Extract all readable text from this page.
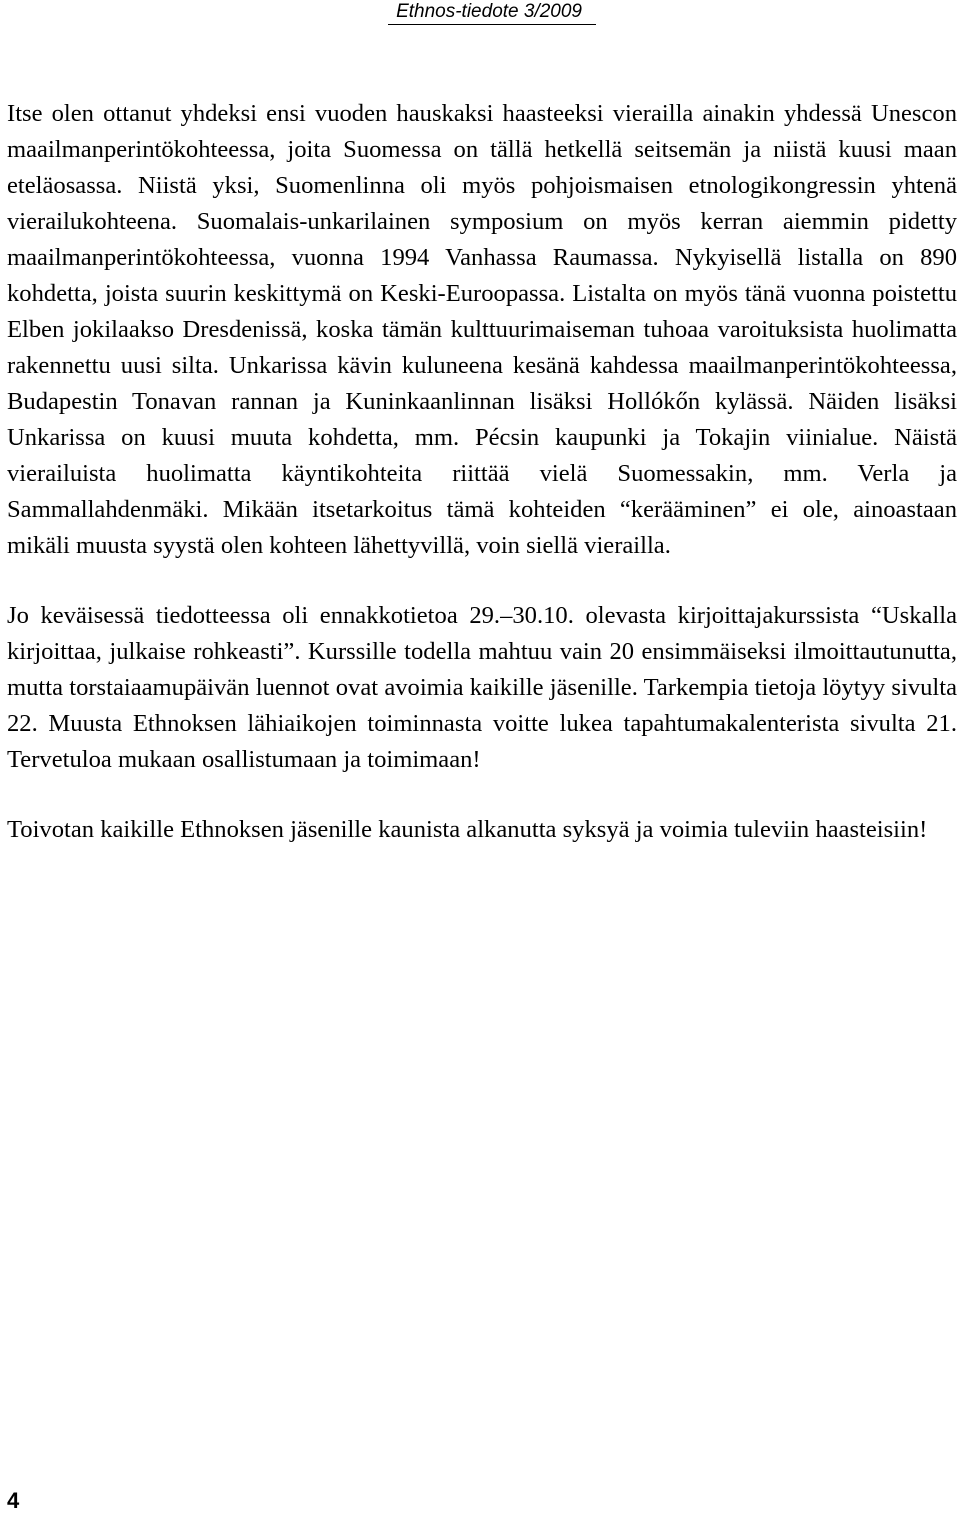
Ethnos-tiedote 3/2009

Itse olen ottanut yhdeksi ensi vuoden hauskaksi haasteeksi vierailla ainakin yhdessä Unescon maailmanperintökohteessa, joita Suomessa on tällä hetkellä seitsemän ja niistä kuusi maan eteläosassa. Niistä yksi, Suomenlinna oli myös pohjoismaisen etnologikongressin yhtenä vierailukohteena. Suomalais-unkarilainen symposium on myös kerran aiemmin pidetty maailmanperintökohteessa, vuonna 1994 Vanhassa Raumassa. Nykyisellä listalla on 890 kohdetta, joista suurin keskittymä on Keski-Euroopassa. Listalta on myös tänä vuonna poistettu Elben jokilaakso Dresdenissä, koska tämän kulttuurimaiseman tuhoaa varoituksista huolimatta rakennettu uusi silta. Unkarissa kävin kuluneena kesänä kahdessa maailmanperintökohteessa, Budapestin Tonavan rannan ja Kuninkaanlinnan lisäksi Hollókőn kylässä. Näiden lisäksi Unkarissa on kuusi muuta kohdetta, mm. Pécsin kaupunki ja Tokajin viinialue. Näistä vierailuista huolimatta käyntikohteita riittää vielä Suomessakin, mm. Verla ja Sammallahdenmäki. Mikään itsetarkoitus tämä kohteiden “kerääminen” ei ole, ainoastaan mikäli muusta syystä olen kohteen lähettyvillä, voin siellä vierailla.

Jo keväisessä tiedotteessa oli ennakkotietoa 29.–30.10. olevasta kirjoittajakurssista “Uskalla kirjoittaa, julkaise rohkeasti”. Kurssille todella mahtuu vain 20 ensimmäiseksi ilmoittautunutta, mutta torstaiaamupäivän luennot ovat avoimia kaikille jäsenille. Tarkempia tietoja löytyy sivulta 22. Muusta Ethnoksen lähiaikojen toiminnasta voitte lukea tapahtumakalenterista sivulta 21. Tervetuloa mukaan osallistumaan ja toimimaan!

Toivotan kaikille Ethnoksen jäsenille kaunista alkanutta syksyä ja voimia tuleviin haasteisiin!

4
